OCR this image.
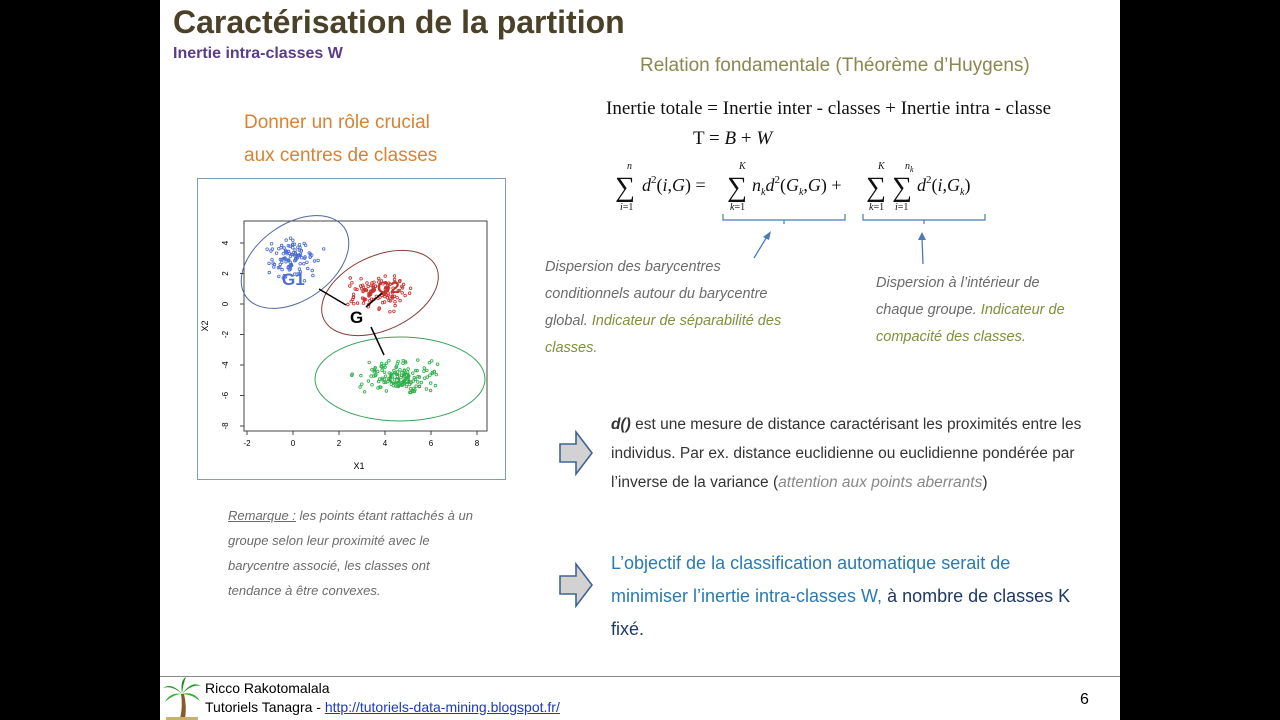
Caractérisation de la partition
Inertie intra-classes W
Relation fondamentale (Théorème d’Huygens)
Donner un rôle crucial
aux centres de classes
G1	G2
G
G3
-2	0	2	4	6	8
4
2
0
-2
-4
-6
-8
X1
X2
Inertie totale = Inertie inter - classes + Inertie intra - classe
T = B + W
n
∑
i=1
$d^2(i,G)$ =
K
∑
k=1
$n_kd^2(G_k,G)$ +
K
∑
k=1
$n_k$
∑
i=1
$d^2(i,G_k)$
Dispersion des barycentres conditionnels autour du barycentre global. Indicateur de séparabilité des classes.
Dispersion à l’intérieur de chaque groupe. Indicateur de compacité des classes.
Remarque : les points étant rattachés à un groupe selon leur proximité avec le barycentre associé, les classes ont tendance à être convexes.
d() est une mesure de distance caractérisant les proximités entre les individus. Par ex. distance euclidienne ou euclidienne pondérée par l’inverse de la variance (attention aux points aberrants)
L’objectif de la classification automatique serait de minimiser l’inertie intra-classes W, à nombre de classes K fixé.
Ricco Rakotomalala
Tutoriels Tanagra - http://tutoriels-data-mining.blogspot.fr/	6
